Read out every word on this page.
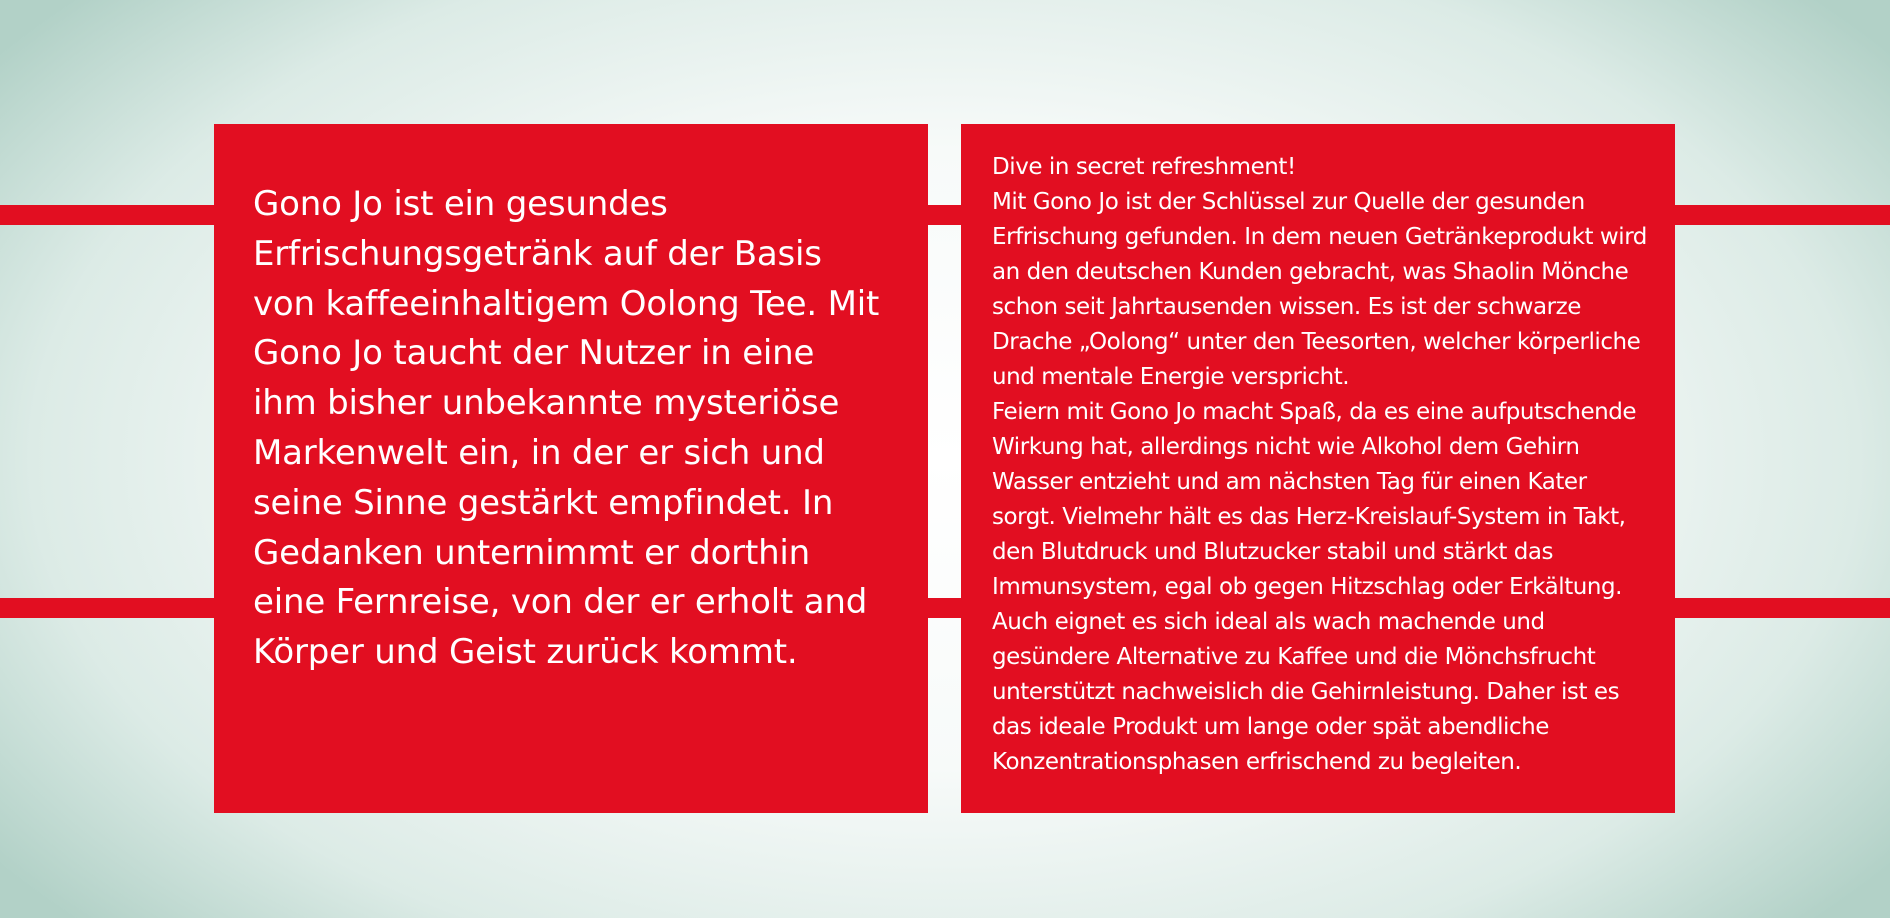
Gono Jo ist ein gesundes Erfrischungsgetränk auf der Basis von kaffeeinhaltigem Oolong Tee. Mit Gono Jo taucht der Nutzer in eine ihm bisher unbekannte mysteriöse Markenwelt ein, in der er sich und seine Sinne gestärkt empfindet. In Gedanken unternimmt er dorthin eine Fernreise, von der er erholt and Körper und Geist zurück kommt.

Dive in secret refreshment!

Mit Gono Jo ist der Schlüssel zur Quelle der gesunden Erfrischung gefunden. In dem neuen Getränkeprodukt wird an den deutschen Kunden gebracht, was Shaolin Mönche schon seit Jahrtausenden wissen. Es ist der schwarze Drache „Oolong“ unter den Teesorten, welcher körperliche und mentale Energie verspricht.

Feiern mit Gono Jo macht Spaß, da es eine aufputschende Wirkung hat, allerdings nicht wie Alkohol dem Gehirn Wasser entzieht und am nächsten Tag für einen Kater sorgt. Vielmehr hält es das Herz-Kreislauf-System in Takt, den Blutdruck und Blutzucker stabil und stärkt das Immunsystem, egal ob gegen Hitzschlag oder Erkältung. Auch eignet es sich ideal als wach machende und gesündere Alternative zu Kaffee und die Mönchsfrucht unterstützt nachweislich die Gehirnleistung. Daher ist es das ideale Produkt um lange oder spät abendliche Konzentrationsphasen erfrischend zu begleiten.
